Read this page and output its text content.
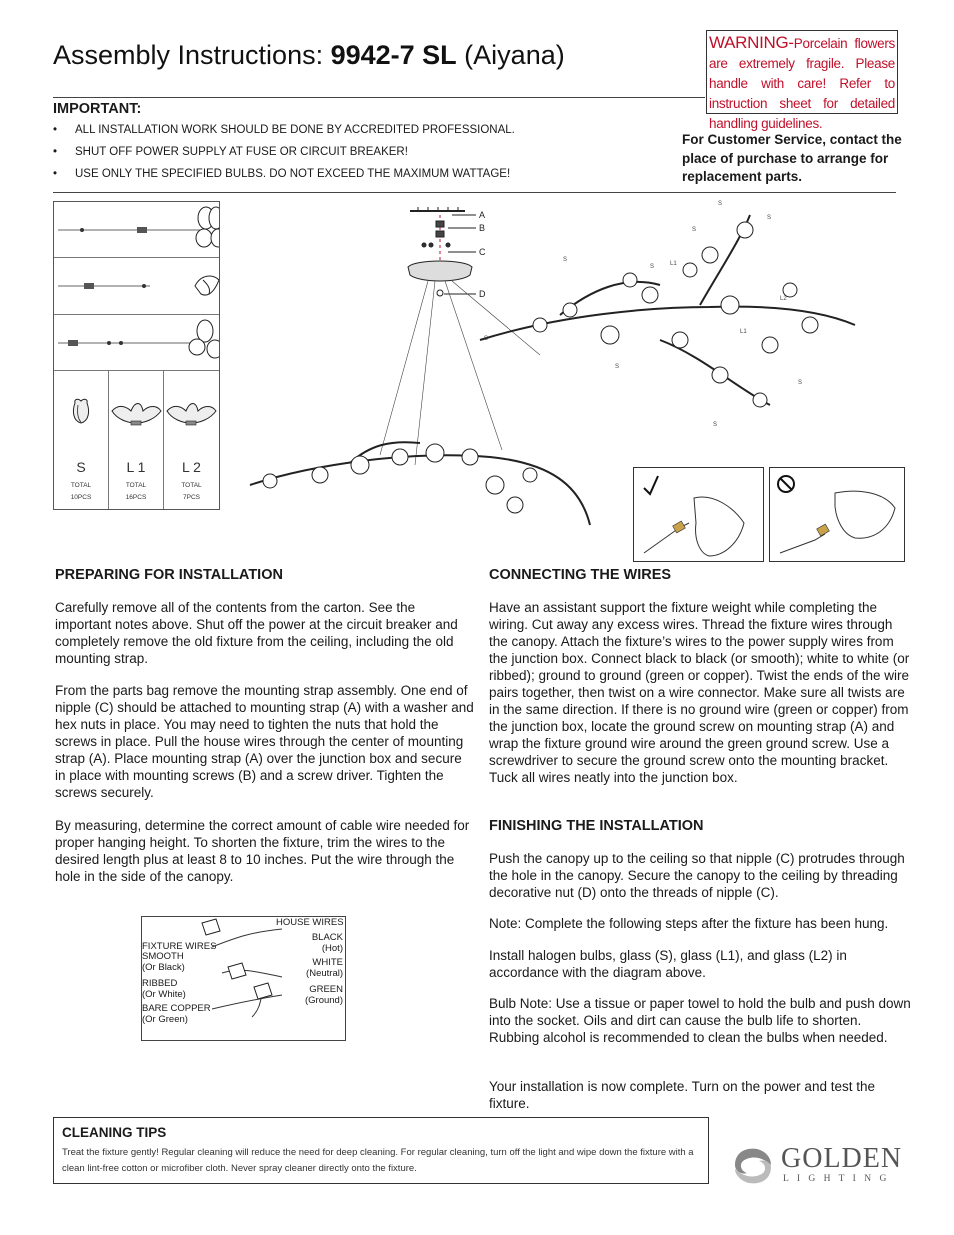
Assembly Instructions: 9942-7 SL (Aiyana)	WARNING-Porcelain flowers are extremely fragile. Please handle with care! Refer to instruction sheet for detailed handling guidelines.
IMPORTANT:
•	ALL INSTALLATION WORK SHOULD BE DONE BY ACCREDITED PROFESSIONAL.
•	SHUT OFF POWER SUPPLY AT FUSE OR CIRCUIT BREAKER!
•	USE ONLY THE SPECIFIED BULBS. DO NOT EXCEED THE MAXIMUM WATTAGE!
For Customer Service, contact the place of purchase to arrange for replacement parts.
S
TOTAL
10PCS
L 1
TOTAL
16PCS
L 2
TOTAL
7PCS
A
B
C
D
S
S
S
S
S
S
S
S
S
L1
L1
L2
PREPARING FOR INSTALLATION
Carefully remove all of the contents from the carton. See the important notes above. Shut off the power at the circuit breaker and completely remove the old fixture from the ceiling, including the old mounting strap.
From the parts bag remove the mounting strap assembly. One end of nipple (C) should be attached to mounting strap (A) with a washer and hex nuts in place. You may need to tighten the nuts that hold the screws in place. Pull the house wires through the center of mounting strap (A). Place mounting strap (A) over the junction box and secure in place with mounting screws (B) and a screw driver. Tighten the screws securely.
By measuring, determine the correct amount of cable wire needed for proper hanging height. To shorten the fixture, trim the wires to the desired length plus at least 8 to 10 inches. Put the wire through the hole in the side of the canopy.
HOUSE WIRES
FIXTURE WIRES
SMOOTH
(Or Black)
RIBBED
(Or White)
BARE COPPER
(Or Green)
BLACK
(Hot)
WHITE
(Neutral)
GREEN
(Ground)
CONNECTING THE WIRES
Have an assistant support the fixture weight while completing the wiring. Cut away any excess wires. Thread the fixture wires through the canopy. Attach the fixture’s wires to the power supply wires from the junction box. Connect black to black (or smooth); white to white (or ribbed); ground to ground (green or copper). Twist the ends of the wire pairs together, then twist on a wire connector. Make sure all twists are in the same direction. If there is no ground wire (green or copper) from the junction box, locate the ground screw on mounting strap (A) and wrap the fixture ground wire around the green ground screw. Use a screwdriver to secure the ground screw onto the mounting bracket. Tuck all wires neatly into the junction box.
FINISHING THE INSTALLATION
Push the canopy up to the ceiling so that nipple (C) protrudes through the hole in the canopy. Secure the canopy to the ceiling by threading decorative nut (D) onto the threads of nipple (C).
Note: Complete the following steps after the fixture has been hung.
Install halogen bulbs, glass (S), glass (L1), and glass (L2) in accordance with the diagram above.
Bulb Note: Use a tissue or paper towel to hold the bulb and push down into the socket. Oils and dirt can cause the bulb life to shorten. Rubbing alcohol is recommended to clean the bulbs when needed.
Your installation is now complete. Turn on the power and test the fixture.
CLEANING TIPS

Treat the fixture gently! Regular cleaning will reduce the need for deep cleaning. For regular cleaning, turn off the light and wipe down the fixture with a clean lint-free cotton or microfiber cloth. Never spray cleaner directly onto the fixture.	GOLDEN
L I G H T I N G
